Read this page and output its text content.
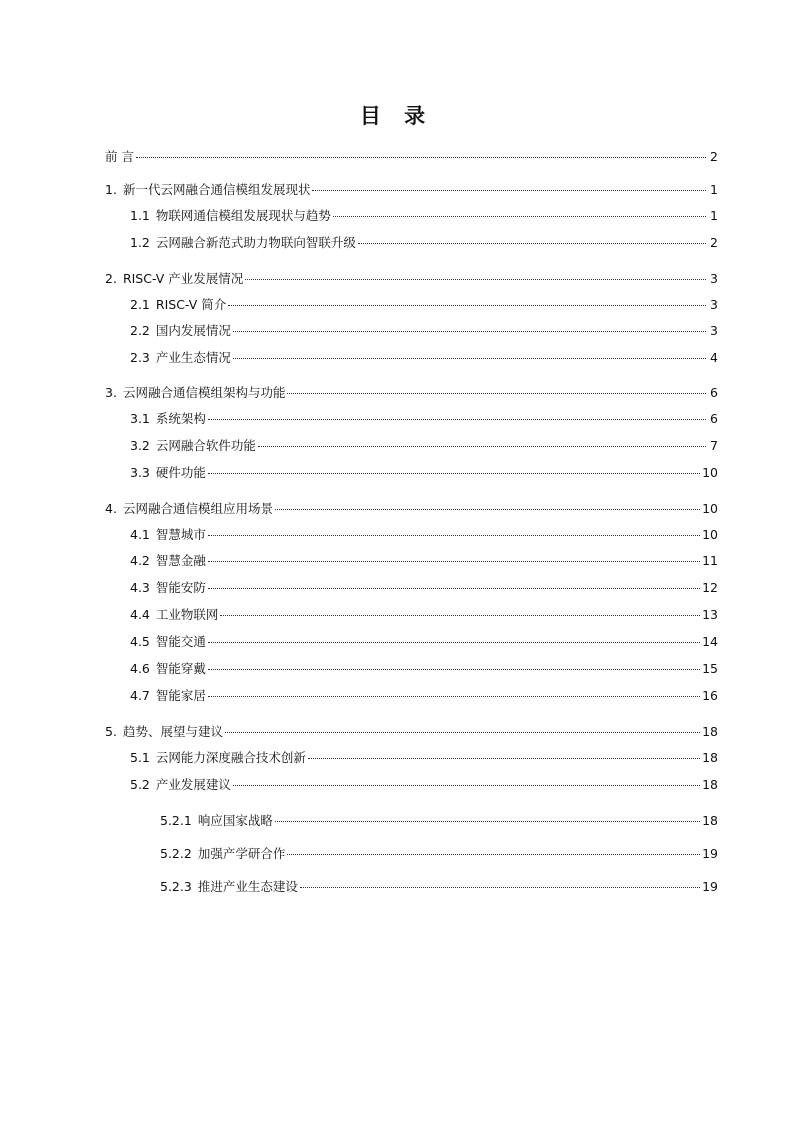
目 录
前 言	2
1. 新一代云网融合通信模组发展现状	1
1.1 物联网通信模组发展现状与趋势	1
1.2 云网融合新范式助力物联向智联升级	2
2. RISC-V 产业发展情况	3
2.1 RISC-V 简介	3
2.2 国内发展情况	3
2.3 产业生态情况	4
3. 云网融合通信模组架构与功能	6
3.1 系统架构	6
3.2 云网融合软件功能	7
3.3 硬件功能	10
4. 云网融合通信模组应用场景	10
4.1 智慧城市	10
4.2 智慧金融	11
4.3 智能安防	12
4.4 工业物联网	13
4.5 智能交通	14
4.6 智能穿戴	15
4.7 智能家居	16
5. 趋势、展望与建议	18
5.1 云网能力深度融合技术创新	18
5.2 产业发展建议	18
5.2.1 响应国家战略	18
5.2.2 加强产学研合作	19
5.2.3 推进产业生态建设	19
